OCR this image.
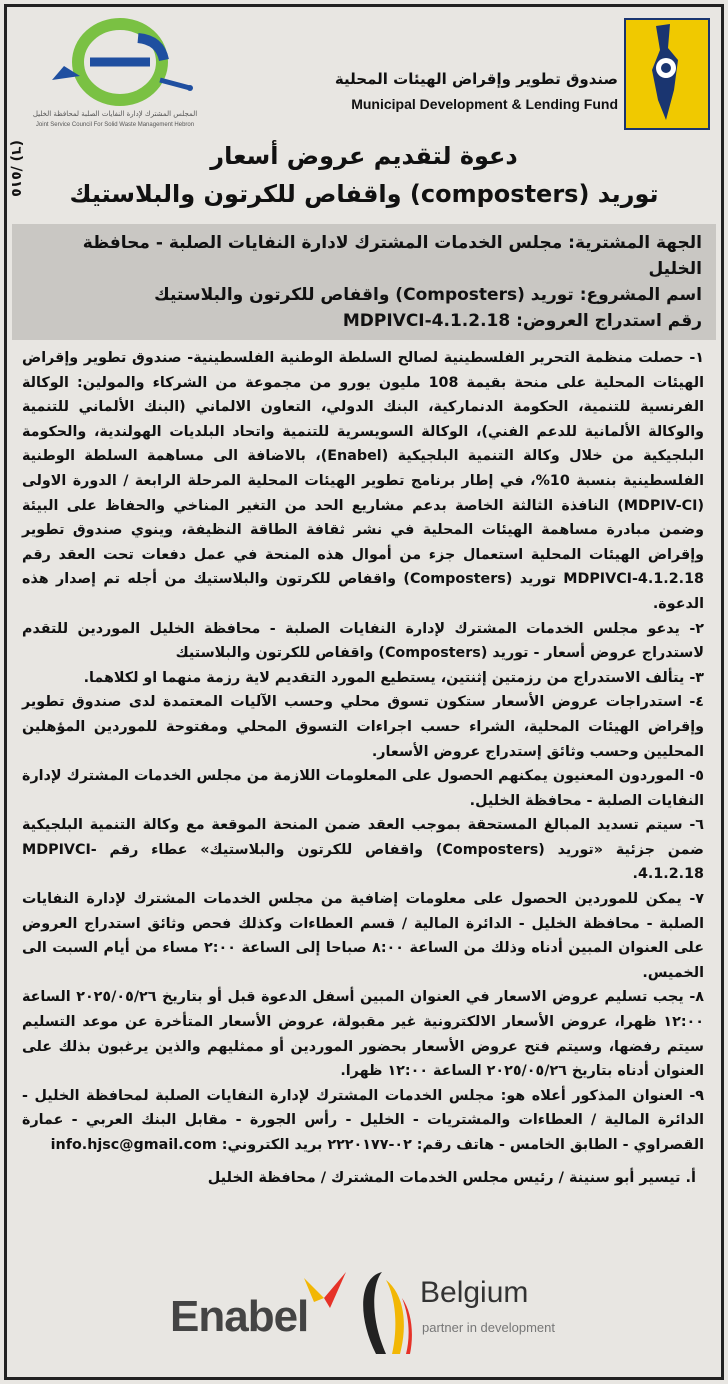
المجلس المشترك لإدارة النفايات الصلبة لمحافظة الخليل
Joint Service Council For Solid Waste Management Hebron
صندوق تطوير وإقراض الهيئات المحلية
Municipal Development & Lending Fund
٥١٥/ (٦)
دعوة لتقديم عروض أسعار
توريد (composters) واقفاص للكرتون والبلاستيك
الجهة المشترية: مجلس الخدمات المشترك لادارة النفايات الصلبة - محافظة الخليل
اسم المشروع: توريد (Composters) واقفاص للكرتون والبلاستيك
رقم استدراج العروض: MDPIVCI-4.1.2.18

١- حصلت منظمة التحرير الفلسطينية لصالح السلطة الوطنية الفلسطينية- صندوق تطوير وإقراض الهيئات المحلية على منحة بقيمة 108 مليون يورو من مجموعة من الشركاء والمولين: الوكالة الفرنسية للتنمية، الحكومة الدنماركية، البنك الدولي، التعاون الالماني (البنك الألماني للتنمية والوكالة الألمانية للدعم الفني)، الوكالة السويسرية للتنمية واتحاد البلديات الهولندية، والحكومة البلجيكية من خلال وكالة التنمية البلجيكية (Enabel)، بالاضافة الى مساهمة السلطة الوطنية الفلسطينية بنسبة 10%، في إطار برنامج تطوير الهيئات المحلية المرحلة الرابعة / الدورة الاولى (MDPIV-CI) النافذة الثالثة الخاصة بدعم مشاريع الحد من التغير المناخي والحفاظ على البيئة وضمن مبادرة مساهمة الهيئات المحلية في نشر ثقافة الطاقة النظيفة، وينوي صندوق تطوير وإقراض الهيئات المحلية استعمال جزء من أموال هذه المنحة في عمل دفعات تحت العقد رقم MDPIVCI-4.1.2.18 توريد (Composters) واقفاص للكرتون والبلاستيك من أجله تم إصدار هذه الدعوة.

٢- يدعو مجلس الخدمات المشترك لإدارة النفايات الصلبة - محافظة الخليل الموردين للتقدم لاستدراج عروض أسعار - توريد (Composters) واقفاص للكرتون والبلاستيك

٣- يتألف الاستدراج من رزمتين إثنتين، يستطيع المورد التقديم لاية رزمة منهما او لكلاهما.

٤- استدراجات عروض الأسعار ستكون تسوق محلي وحسب الآليات المعتمدة لدى صندوق تطوير وإقراض الهيئات المحلية، الشراء حسب اجراءات التسوق المحلي ومفتوحة للموردين المؤهلين المحليين وحسب وثائق إستدراج عروض الأسعار.

٥- الموردون المعنيون يمكنهم الحصول على المعلومات اللازمة من مجلس الخدمات المشترك لإدارة النفايات الصلبة - محافظة الخليل.

٦- سيتم تسديد المبالغ المستحقة بموجب العقد ضمن المنحة الموقعة مع وكالة التنمية البلجيكية ضمن جزئية «توريد (Composters) واقفاص للكرتون والبلاستيك» عطاء رقم MDPIVCI-4.1.2.18.

٧- يمكن للموردين الحصول على معلومات إضافية من مجلس الخدمات المشترك لإدارة النفايات الصلبة - محافظة الخليل - الدائرة المالية / قسم العطاءات وكذلك فحص وثائق استدراج العروض على العنوان المبين أدناه وذلك من الساعة ٨:٠٠ صباحا إلى الساعة ٢:٠٠ مساء من أيام السبت الى الخميس.

٨- يجب تسليم عروض الاسعار في العنوان المبين أسفل الدعوة قبل أو بتاريخ ٢٠٢٥/٠٥/٢٦ الساعة ١٢:٠٠ ظهرا، عروض الأسعار الالكترونية غير مقبولة، عروض الأسعار المتأخرة عن موعد التسليم سيتم رفضها، وسيتم فتح عروض الأسعار بحضور الموردين أو ممثليهم والذين يرغبون بذلك على العنوان أدناه بتاريخ ٢٠٢٥/٠٥/٢٦ الساعة ١٢:٠٠ ظهرا.

٩- العنوان المذكور أعلاه هو: مجلس الخدمات المشترك لإدارة النفايات الصلبة لمحافظة الخليل - الدائرة المالية / العطاءات والمشتريات - الخليل - رأس الجورة - مقابل البنك العربي - عمارة القصراوي - الطابق الخامس - هاتف رقم: ٠٢-٢٢٢٠١٧٧ بريد الكتروني: info.hjsc@gmail.com

أ. تيسير أبو سنينة / رئيس مجلس الخدمات المشترك / محافظة الخليل
Enabel	Belgium
partner in development
